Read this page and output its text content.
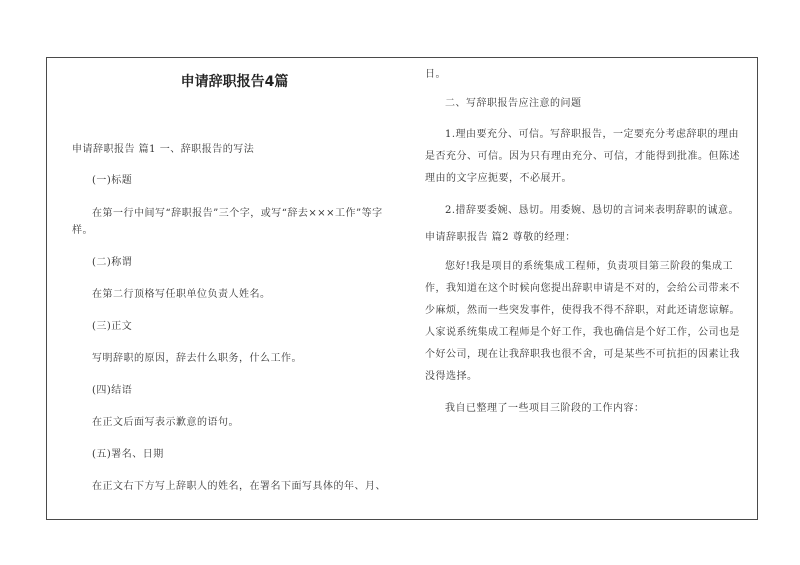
申请辞职报告4篇

申请辞职报告 篇1 一、辞职报告的写法

(一)标题

在第一行中间写“辞职报告”三个字，或写“辞去×××工作”等字样。

(二)称谓

在第二行顶格写任职单位负责人姓名。

(三)正文

写明辞职的原因，辞去什么职务，什么工作。

(四)结语

在正文后面写表示歉意的语句。

(五)署名、日期

在正文右下方写上辞职人的姓名，在署名下面写具体的年、月、

日。

二、写辞职报告应注意的问题

1.理由要充分、可信。写辞职报告，一定要充分考虑辞职的理由是否充分、可信。因为只有理由充分、可信，才能得到批准。但陈述理由的文字应扼要，不必展开。

2.措辞要委婉、恳切。用委婉、恳切的言词来表明辞职的诚意。

申请辞职报告 篇2 尊敬的经理：

您好!我是项目的系统集成工程师，负责项目第三阶段的集成工作，我知道在这个时候向您提出辞职申请是不对的，会给公司带来不少麻烦，然而一些突发事件，使得我不得不辞职，对此还请您谅解。人家说系统集成工程师是个好工作，我也确信是个好工作，公司也是个好公司，现在让我辞职我也很不舍，可是某些不可抗拒的因素让我没得选择。

我自已整理了一些项目三阶段的工作内容：
